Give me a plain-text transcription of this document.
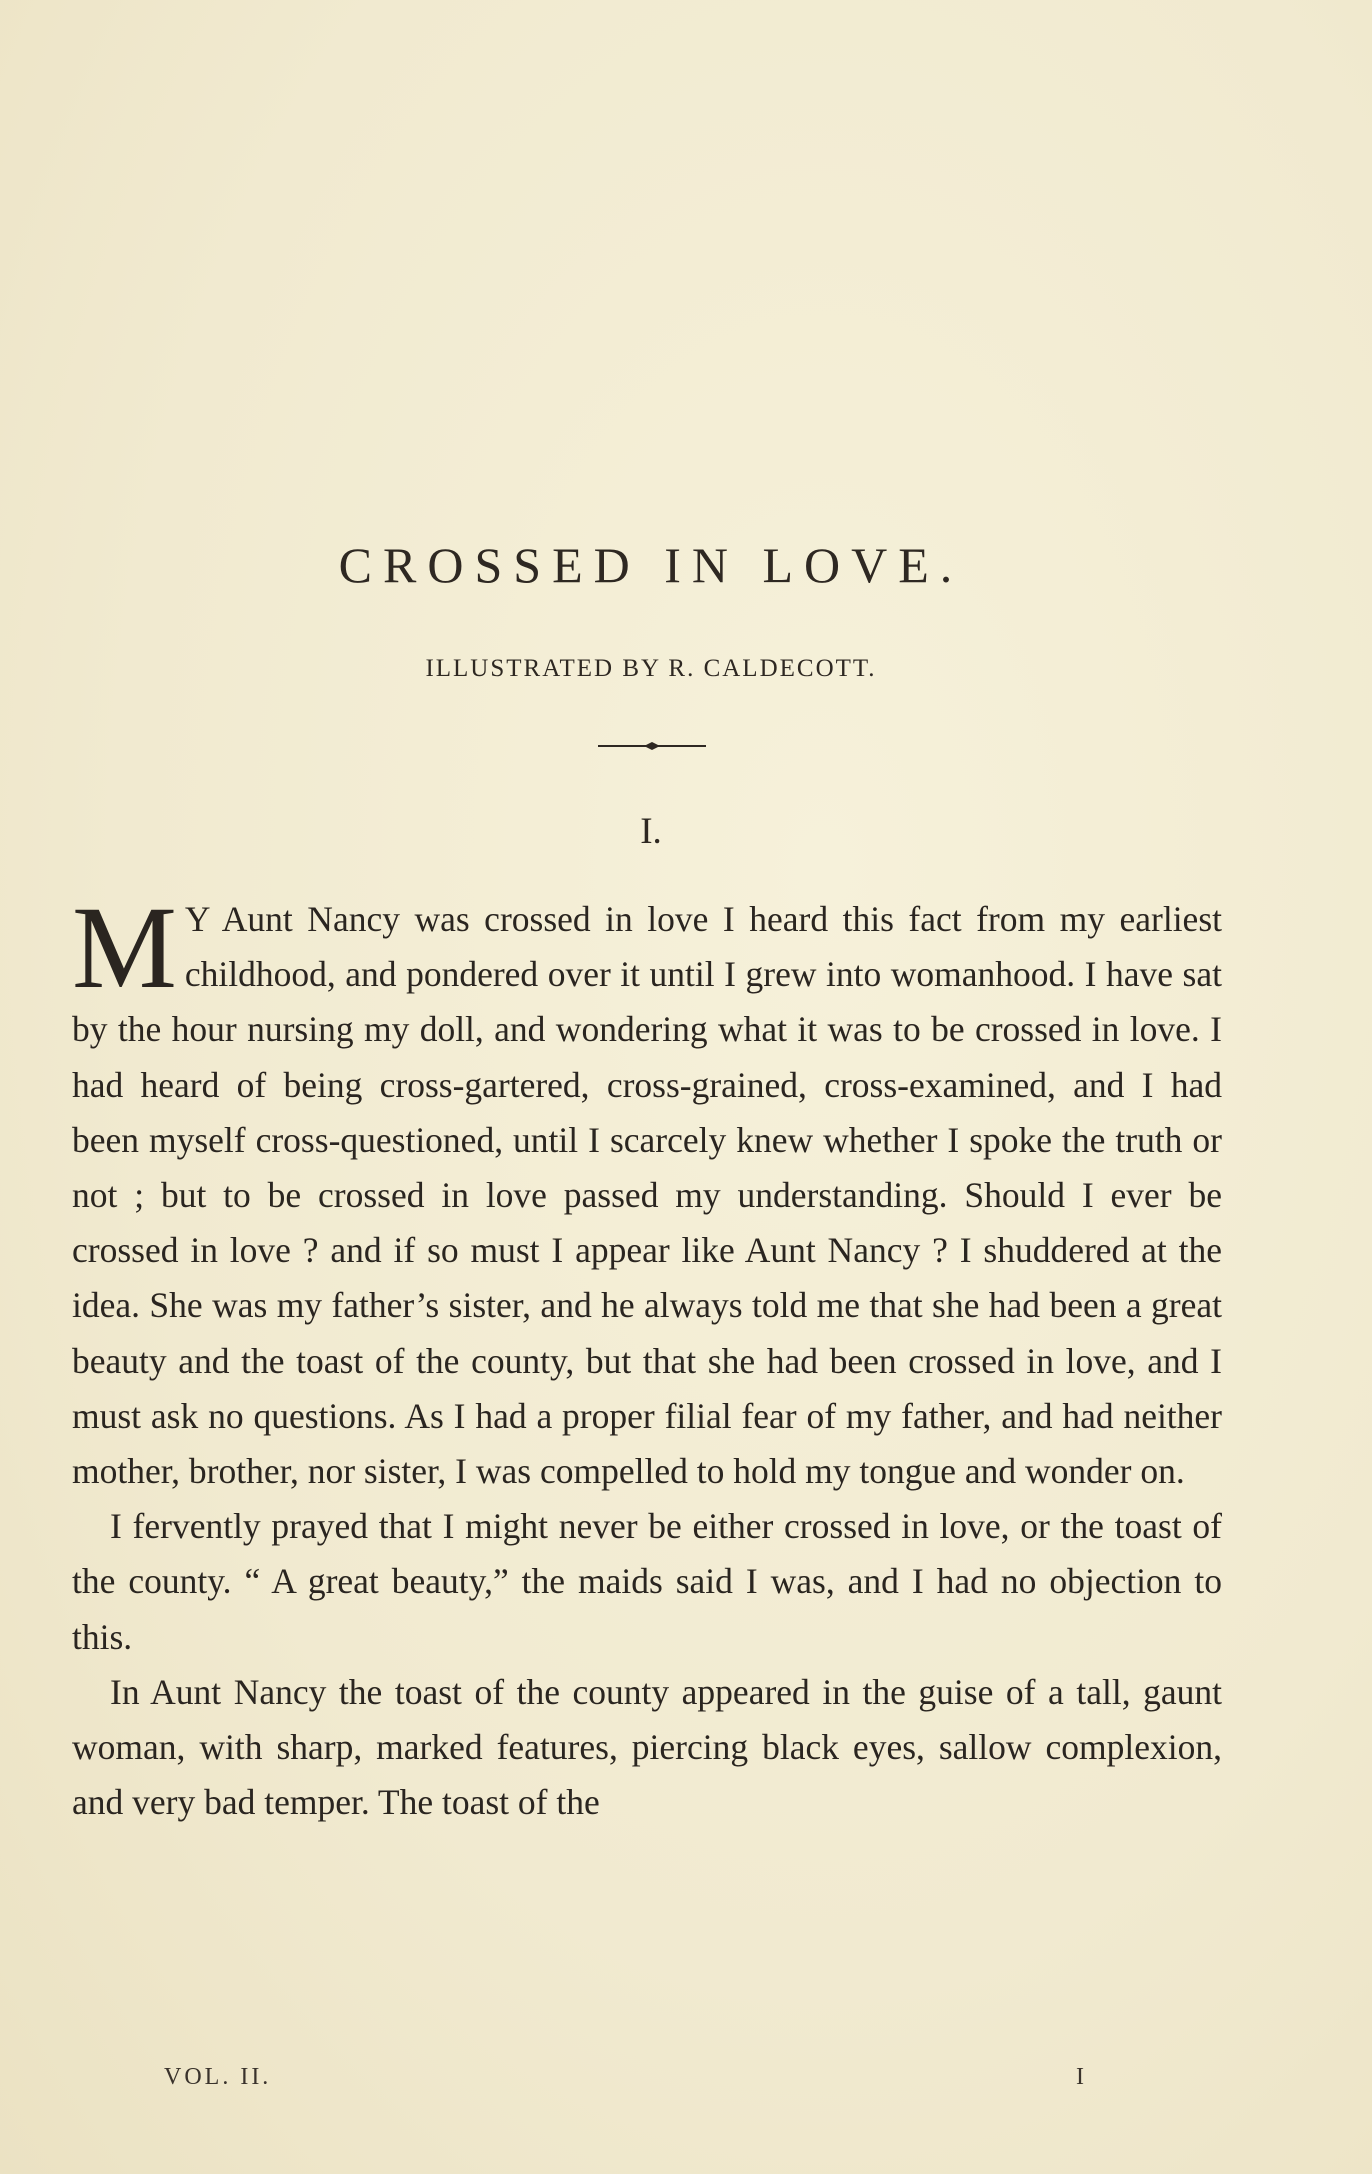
CROSSED IN LOVE.
ILLUSTRATED BY R. CALDECOTT.
I.

M Y Aunt Nancy was crossed in love I heard this fact from my earliest childhood, and pondered over it until I grew into womanhood. I have sat by the hour nursing my doll, and wondering what it was to be crossed in love. I had heard of being cross-gartered, cross-grained, cross-examined, and I had been myself cross-questioned, until I scarcely knew whether I spoke the truth or not ; but to be crossed in love passed my understanding. Should I ever be crossed in love ? and if so must I appear like Aunt Nancy ? I shuddered at the idea. She was my father’s sister, and he always told me that she had been a great beauty and the toast of the county, but that she had been crossed in love, and I must ask no questions. As I had a proper filial fear of my father, and had neither mother, brother, nor sister, I was compelled to hold my tongue and wonder on.

I fervently prayed that I might never be either crossed in love, or the toast of the county. “ A great beauty,” the maids said I was, and I had no objection to this.

In Aunt Nancy the toast of the county appeared in the guise of a tall, gaunt woman, with sharp, marked features, piercing black eyes, sallow complexion, and very bad temper. The toast of the

VOL. II.	I
